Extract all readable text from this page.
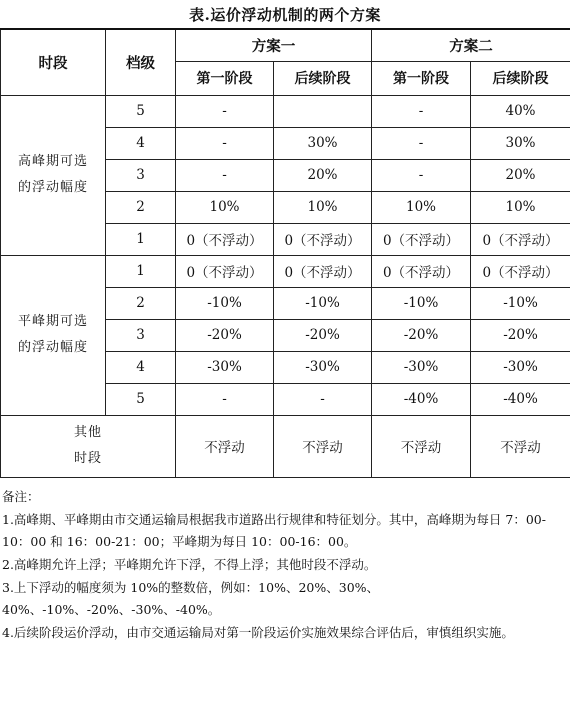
表.运价浮动机制的两个方案
时段	档级	方案一		方案二	
		第一阶段	后续阶段	第一阶段	后续阶段

高峰期可选
的浮动幅度	5	-		-	40%
	4	-	30%	-	30%
	3	-	20%	-	20%
	2	10%	10%	10%	10%
	1	0（不浮动）	0（不浮动）	0（不浮动）	0（不浮动）

平峰期可选
的浮动幅度	1	0（不浮动）	0（不浮动）	0（不浮动）	0（不浮动）
	2	-10%	-10%	-10%	-10%
	3	-20%	-20%	-20%	-20%
	4	-30%	-30%	-30%	-30%
	5	-	-	-40%	-40%

其他
时段		不浮动	不浮动	不浮动	不浮动

备注：

1.高峰期、平峰期由市交通运输局根据我市道路出行规律和特征划分。其中，高峰期为每日 7：00-10：00 和 16：00-21：00；平峰期为每日 10：00-16：00。

2.高峰期允许上浮；平峰期允许下浮，不得上浮；其他时段不浮动。

3.上下浮动的幅度须为 10%的整数倍，例如：10%、20%、30%、40%、-10%、-20%、-30%、-40%。

4.后续阶段运价浮动，由市交通运输局对第一阶段运价实施效果综合评估后，审慎组织实施。
